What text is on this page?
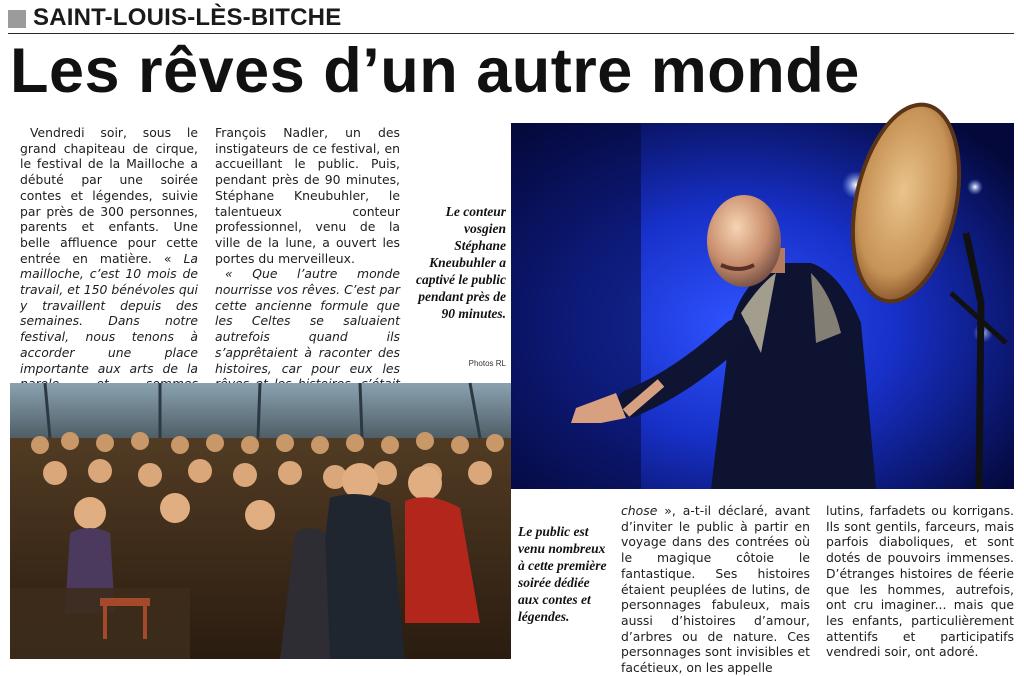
SAINT-LOUIS-LÈS-BITCHE
Les rêves d’un autre monde

Vendredi soir, sous le grand chapiteau de cirque, le festival de la Mailloche a débuté par une soirée contes et légendes, suivie par près de 300 personnes, parents et enfants. Une belle affluence pour cette entrée en matière. « La mailloche, c’est 10 mois de travail, et 150 bénévoles qui y travaillent depuis des semaines. Dans notre festival, nous tenons à accorder une place importante aux arts de la

François Nadler, un des instigateurs de ce festival, en accueillant le public. Puis, pendant près de 90 minutes, Stéphane Kneubuhler, le talentueux conteur professionnel, venu de la ville de la lune, a ouvert les portes du merveilleux.

« Que l’autre monde nourrisse vos rêves. C’est par cette ancienne formule que les Celtes se saluaient autrefois quand ils s’apprêtaient à raconter des histoires, car pour eux les

Le conteur vosgien Stéphane Kneubuhler a captivé le public pendant près de 90 minutes.
Photos RL
Le public est venu nombreux à cette première soirée dédiée aux contes et légendes.

chose », a-t-il déclaré, avant d’inviter le public à partir en voyage dans des contrées où le magique côtoie le fantastique. Ses histoires étaient peuplées de lutins, de personnages fabuleux, mais aussi d’histoires d’amour, d’arbres ou de nature. Ces personnages sont invisibles et facétieux, on les appelle

lutins, farfadets ou korrigans. Ils sont gentils, farceurs, mais parfois diaboliques, et sont dotés de pouvoirs immenses. D’étranges histoires de féerie que les hommes, autrefois, ont cru imaginer... mais que les enfants, particulièrement attentifs et participatifs vendredi soir, ont adoré.
